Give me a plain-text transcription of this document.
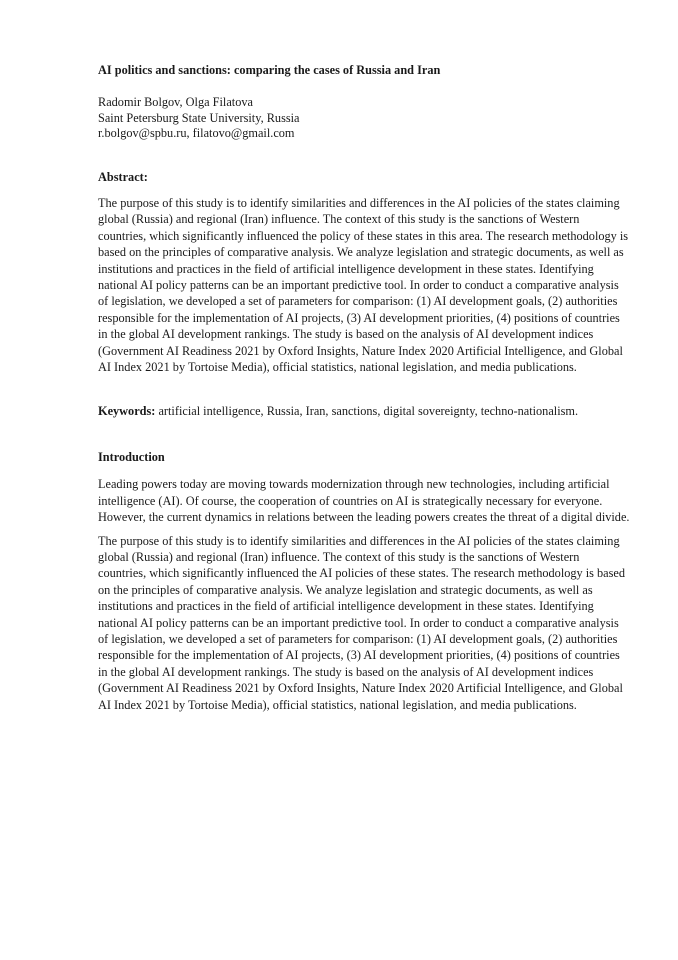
AI politics and sanctions: comparing the cases of Russia and Iran
Radomir Bolgov, Olga Filatova
Saint Petersburg State University, Russia
r.bolgov@spbu.ru, filatovo@gmail.com
Abstract:

The purpose of this study is to identify similarities and differences in the AI policies of the states claiming global (Russia) and regional (Iran) influence. The context of this study is the sanctions of Western countries, which significantly influenced the policy of these states in this area. The research methodology is based on the principles of comparative analysis. We analyze legislation and strategic documents, as well as institutions and practices in the field of artificial intelligence development in these states. Identifying national AI policy patterns can be an important predictive tool. In order to conduct a comparative analysis of legislation, we developed a set of parameters for comparison: (1) AI development goals, (2) authorities responsible for the implementation of AI projects, (3) AI development priorities, (4) positions of countries in the global AI development rankings. The study is based on the analysis of AI development indices (Government AI Readiness 2021 by Oxford Insights, Nature Index 2020 Artificial Intelligence, and Global AI Index 2021 by Tortoise Media), official statistics, national legislation, and media publications.

Keywords: artificial intelligence, Russia, Iran, sanctions, digital sovereignty, techno-nationalism.

Introduction

Leading powers today are moving towards modernization through new technologies, including artificial intelligence (AI). Of course, the cooperation of countries on AI is strategically necessary for everyone. However, the current dynamics in relations between the leading powers creates the threat of a digital divide.

The purpose of this study is to identify similarities and differences in the AI policies of the states claiming global (Russia) and regional (Iran) influence. The context of this study is the sanctions of Western countries, which significantly influenced the AI policies of these states. The research methodology is based on the principles of comparative analysis. We analyze legislation and strategic documents, as well as institutions and practices in the field of artificial intelligence development in these states. Identifying national AI policy patterns can be an important predictive tool. In order to conduct a comparative analysis of legislation, we developed a set of parameters for comparison: (1) AI development goals, (2) authorities responsible for the implementation of AI projects, (3) AI development priorities, (4) positions of countries in the global AI development rankings. The study is based on the analysis of AI development indices (Government AI Readiness 2021 by Oxford Insights, Nature Index 2020 Artificial Intelligence, and Global AI Index 2021 by Tortoise Media), official statistics, national legislation, and media publications.
